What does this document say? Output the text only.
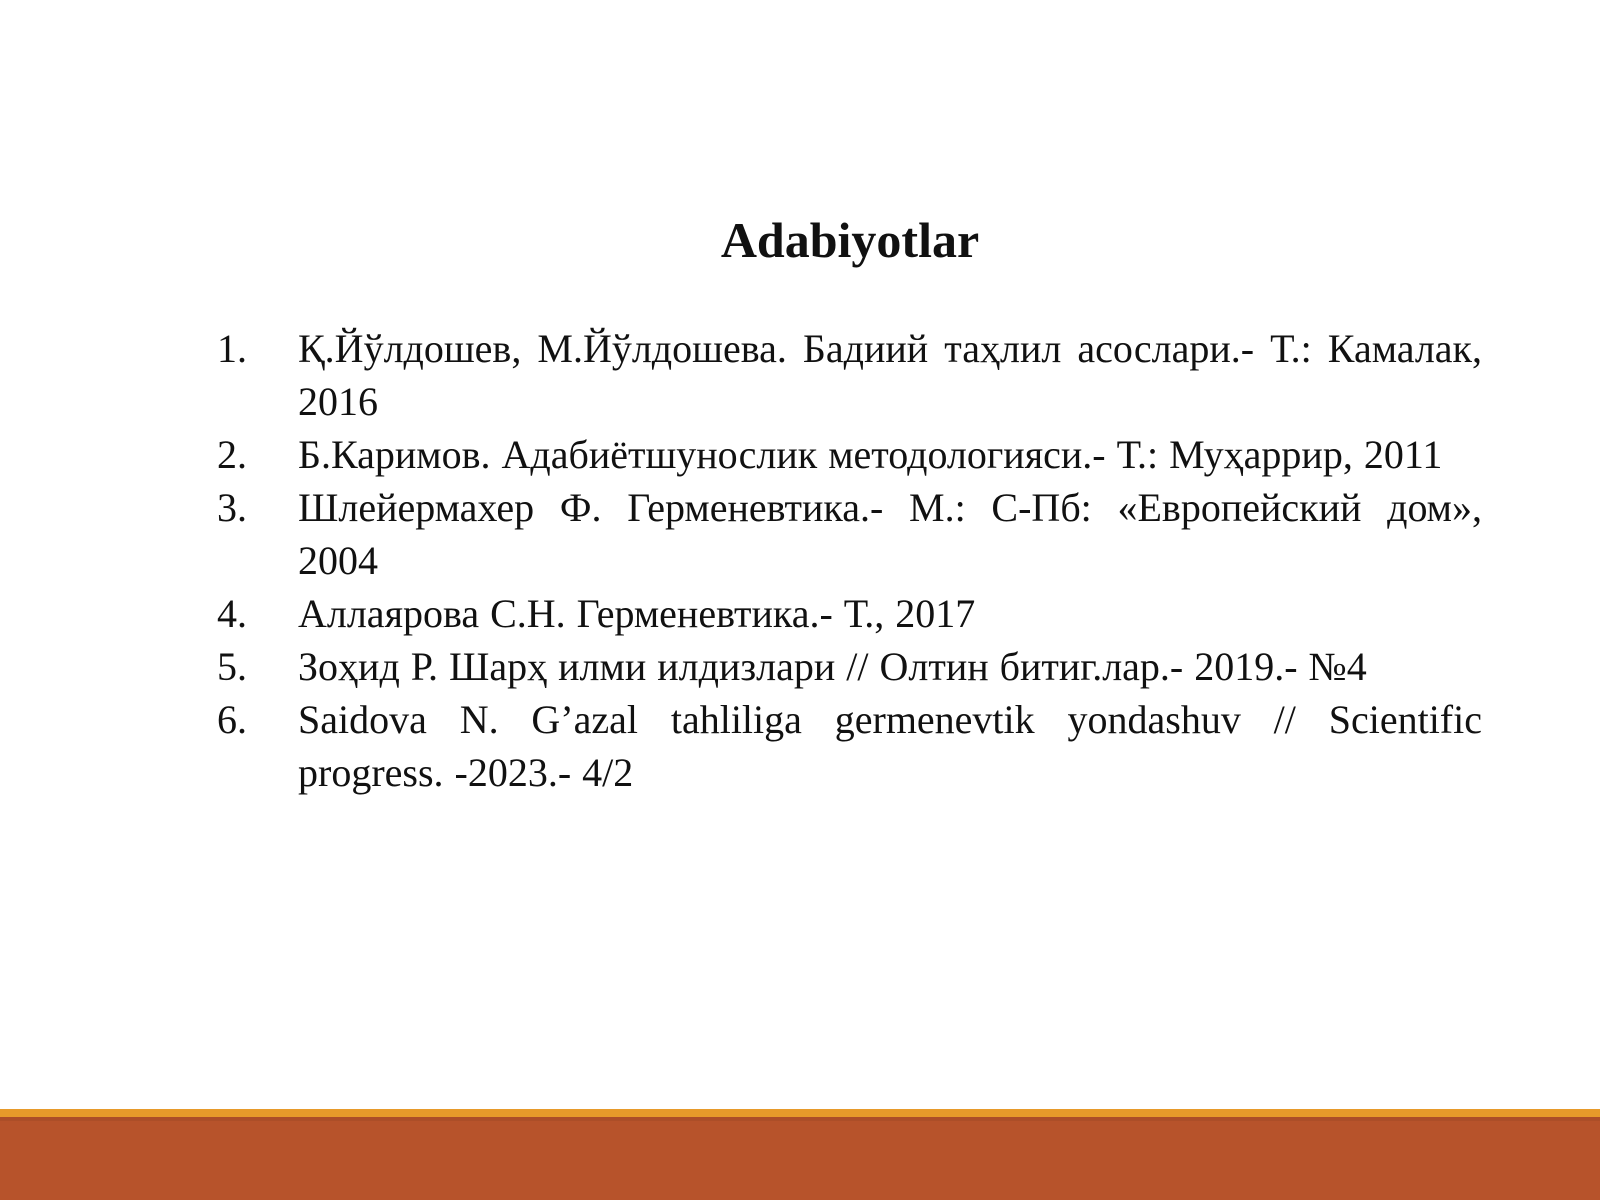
Adabiyotlar
1.	Қ.Йўлдошев, М.Йўлдошева. Бадиий таҳлил асослари.- Т.: Камалак, 2016
2.	Б.Каримов. Адабиётшунослик методологияси.- Т.: Муҳаррир, 2011
3.	Шлейермахер Ф. Герменевтика.- М.: С-Пб: «Европейский дом», 2004
4.	Аллаярова С.Н. Герменевтика.- Т., 2017
5.	Зоҳид Р. Шарҳ илми илдизлари // Олтин битиг.лар.- 2019.- №4
6.	Saidova N. G’azal tahliliga germenevtik yondashuv // Scientific progress. -2023.- 4/2
